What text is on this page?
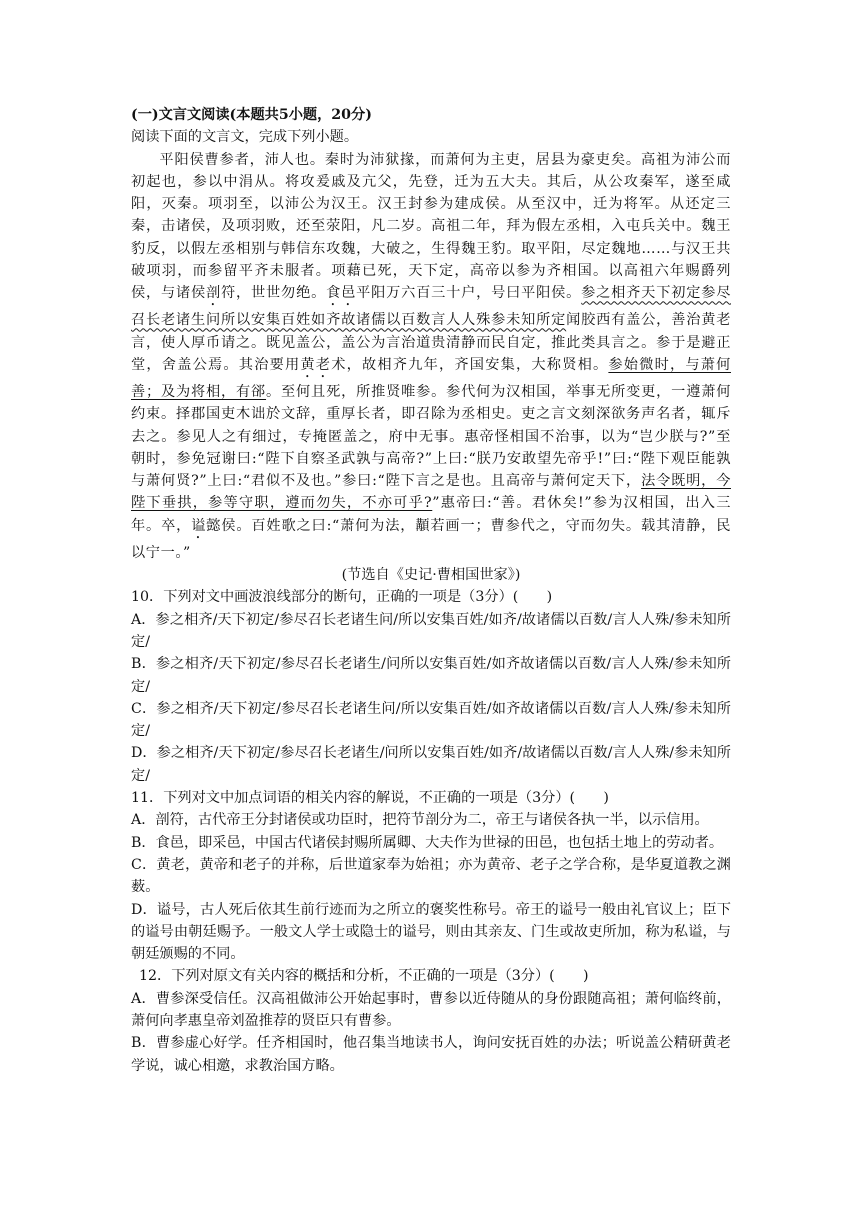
(一)文言文阅读(本题共5小题，20分)

阅读下面的文言文，完成下列小题。

平阳侯曹参者，沛人也。秦时为沛狱掾，而萧何为主吏，居县为豪吏矣。高祖为沛公而初起也，参以中涓从。将攻爰戚及亢父，先登，迁为五大夫。其后，从公攻秦军，遂至咸阳，灭秦。项羽至，以沛公为汉王。汉王封参为建成侯。从至汉中，迁为将军。从还定三秦，击诸侯，及项羽败，还至荥阳，凡二岁。高祖二年，拜为假左丞相，入屯兵关中。魏王豹反，以假左丞相别与韩信东攻魏，大破之，生得魏王豹。取平阳，尽定魏地……与汉王共破项羽，而参留平齐未服者。项藉已死，天下定，高帝以参为齐相国。以高祖六年赐爵列侯，与诸侯剖符，世世勿绝。食邑平阳万六百三十户，号曰平阳侯。参之相齐天下初定参尽召长老诸生问所以安集百姓如齐故诸儒以百数言人人殊参未知所定闻胶西有盖公，善治黄老言，使人厚币请之。既见盖公，盖公为言治道贵清静而民自定，推此类具言之。参于是避正堂，舍盖公焉。其治要用黄老术，故相齐九年，齐国安集，大称贤相。参始微时，与萧何善；及为将相，有郤。至何且死，所推贤唯参。参代何为汉相国，举事无所变更，一遵萧何约束。择郡国吏木诎於文辞，重厚长者，即召除为丞相史。吏之言文刻深欲务声名者，辄斥去之。参见人之有细过，专掩匿盖之，府中无事。惠帝怪相国不治事，以为“岂少朕与?”至朝时，参免冠谢曰:“陛下自察圣武孰与高帝?”上曰:“朕乃安敢望先帝乎!”曰:“陛下观臣能孰与萧何贤?”上曰:“君似不及也。”参曰:“陛下言之是也。且高帝与萧何定天下，法令既明，今陛下垂拱，参等守职，遵而勿失，不亦可乎?”惠帝曰:“善。君休矣!”参为汉相国，出入三年。卒，谥懿侯。百姓歌之曰:“萧何为法，顜若画一；曹参代之，守而勿失。载其清静，民以宁一。”

(节选自《史记·曹相国世家》)

10．下列对文中画波浪线部分的断句，正确的一项是（3分）(　　)

A．参之相齐/天下初定/参尽召长老诸生问/所以安集百姓/如齐/故诸儒以百数/言人人殊/参未知所定/

B．参之相齐/天下初定/参尽召长老诸生/问所以安集百姓/如齐故诸儒以百数/言人人殊/参未知所定/

C．参之相齐/天下初定/参尽召长老诸生问/所以安集百姓/如齐故诸儒以百数/言人人殊/参未知所定/

D．参之相齐/天下初定/参尽召长老诸生/问所以安集百姓/如齐/故诸儒以百数/言人人殊/参未知所定/

11．下列对文中加点词语的相关内容的解说，不正确的一项是（3分）(　　)

A．剖符，古代帝王分封诸侯或功臣时，把符节剖分为二，帝王与诸侯各执一半，以示信用。

B．食邑，即采邑，中国古代诸侯封赐所属卿、大夫作为世禄的田邑，也包括土地上的劳动者。

C．黄老，黄帝和老子的并称，后世道家奉为始祖；亦为黄帝、老子之学合称，是华夏道教之渊薮。

D．谥号，古人死后依其生前行迹而为之所立的褒奖性称号。帝王的谥号一般由礼官议上；臣下的谥号由朝廷赐予。一般文人学士或隐士的谥号，则由其亲友、门生或故吏所加，称为私谥，与朝廷颁赐的不同。

12．下列对原文有关内容的概括和分析，不正确的一项是（3分）(　　)

A．曹参深受信任。汉高祖做沛公开始起事时，曹参以近侍随从的身份跟随高祖；萧何临终前，萧何向孝惠皇帝刘盈推荐的贤臣只有曹参。

B．曹参虚心好学。任齐相国时，他召集当地读书人，询问安抚百姓的办法；听说盖公精研黄老学说，诚心相邀，求教治国方略。
